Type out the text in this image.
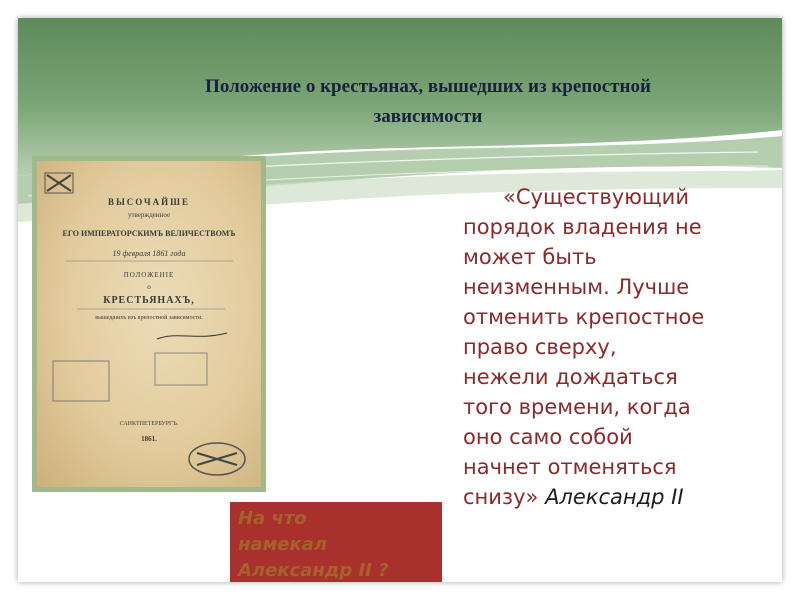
Положение о крестьянах, вышедших из крепостной
зависимости
ВЫСОЧАЙШЕ
утвержденное
ЕГО ИМПЕРАТОРСКИМЪ ВЕЛИЧЕСТВОМЪ
19 февраля 1861 года
ПОЛОЖЕНІЕ
о
КРЕСТЬЯНАХЪ,
вышедшихъ изъ крепостной зависимости.
САНКТПЕТЕРБУРГЪ.
1861.
«Существующий
порядок владения не
может быть
неизменным. Лучше
отменить крепостное
право сверху,
нежели дождаться
того времени, когда
оно само собой
начнет отменяться
снизу» Александр II
На что
намекал
Александр II ?
